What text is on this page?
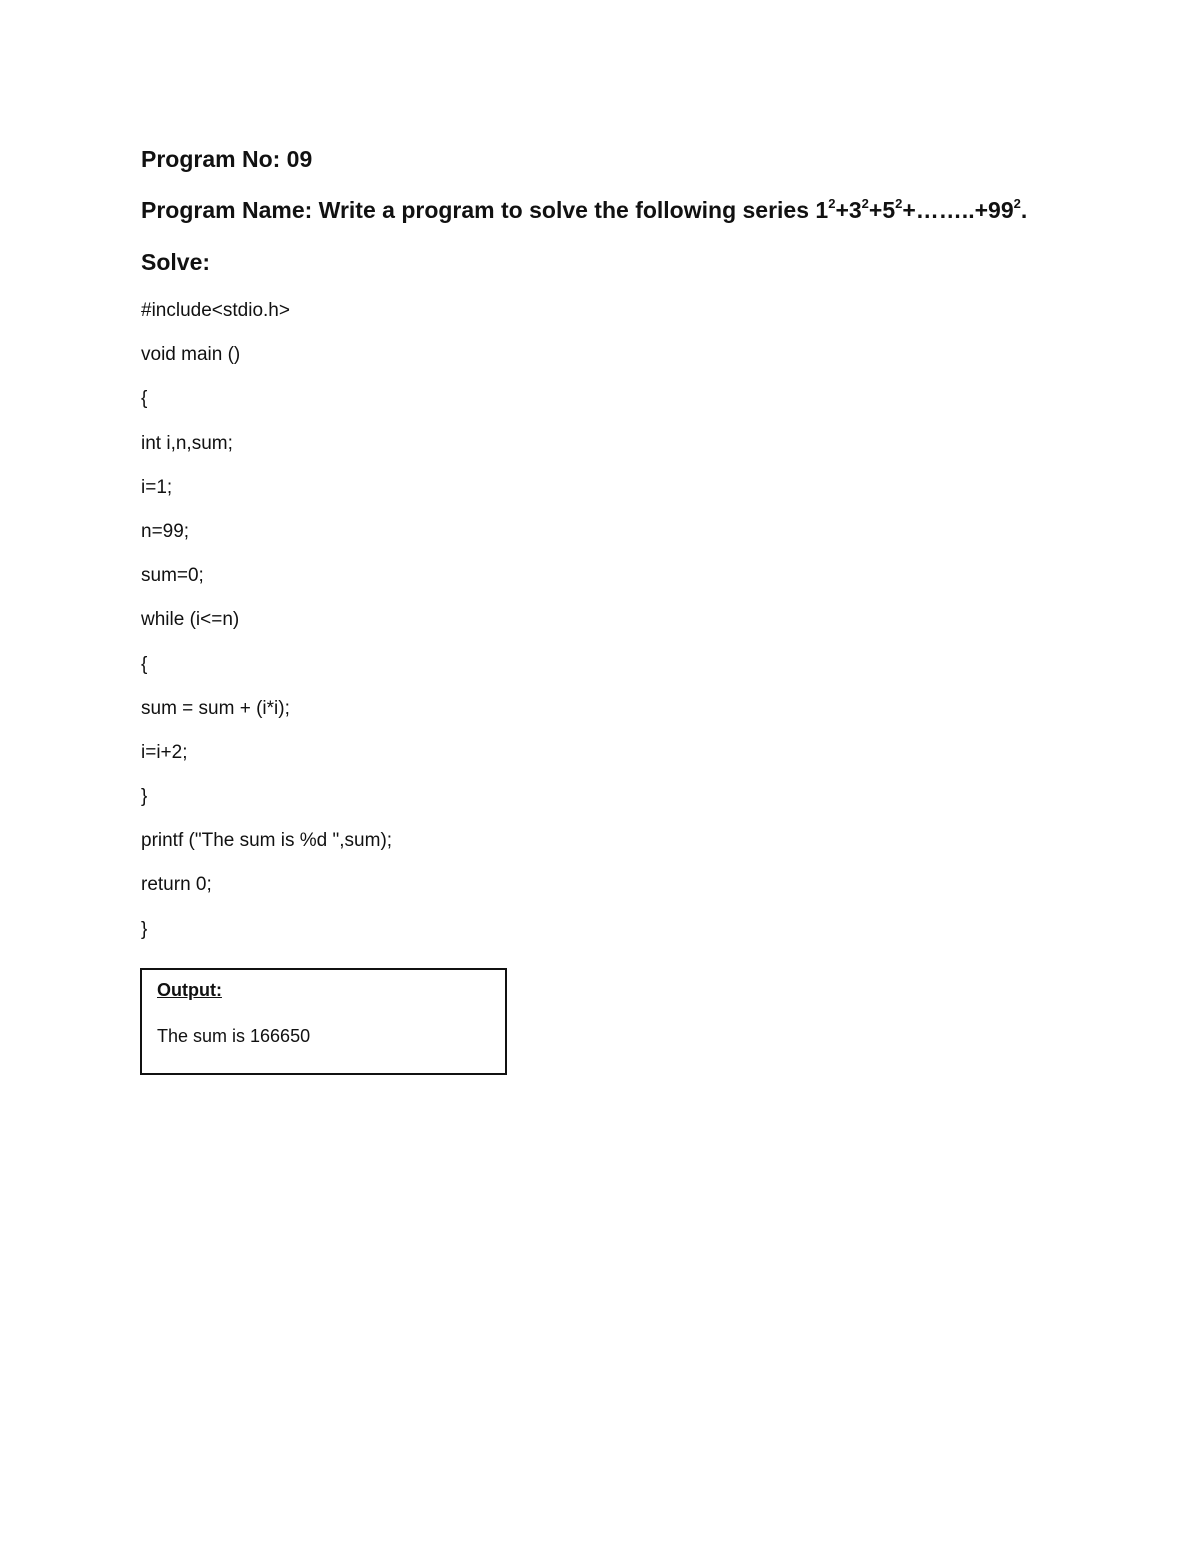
Program No: 09
Program Name: Write a program to solve the following series $1^2+3^2+5^2+\dots\dots..+99^2$.
Solve:
#include<stdio.h>
void main ()
{
int i,n,sum;
i=1;
n=99;
sum=0;
while (i<=n)
{
sum = sum + (i*i);
i=i+2;
}
printf ("The sum is %d ",sum);
return 0;
}
Output:
The sum is 166650
